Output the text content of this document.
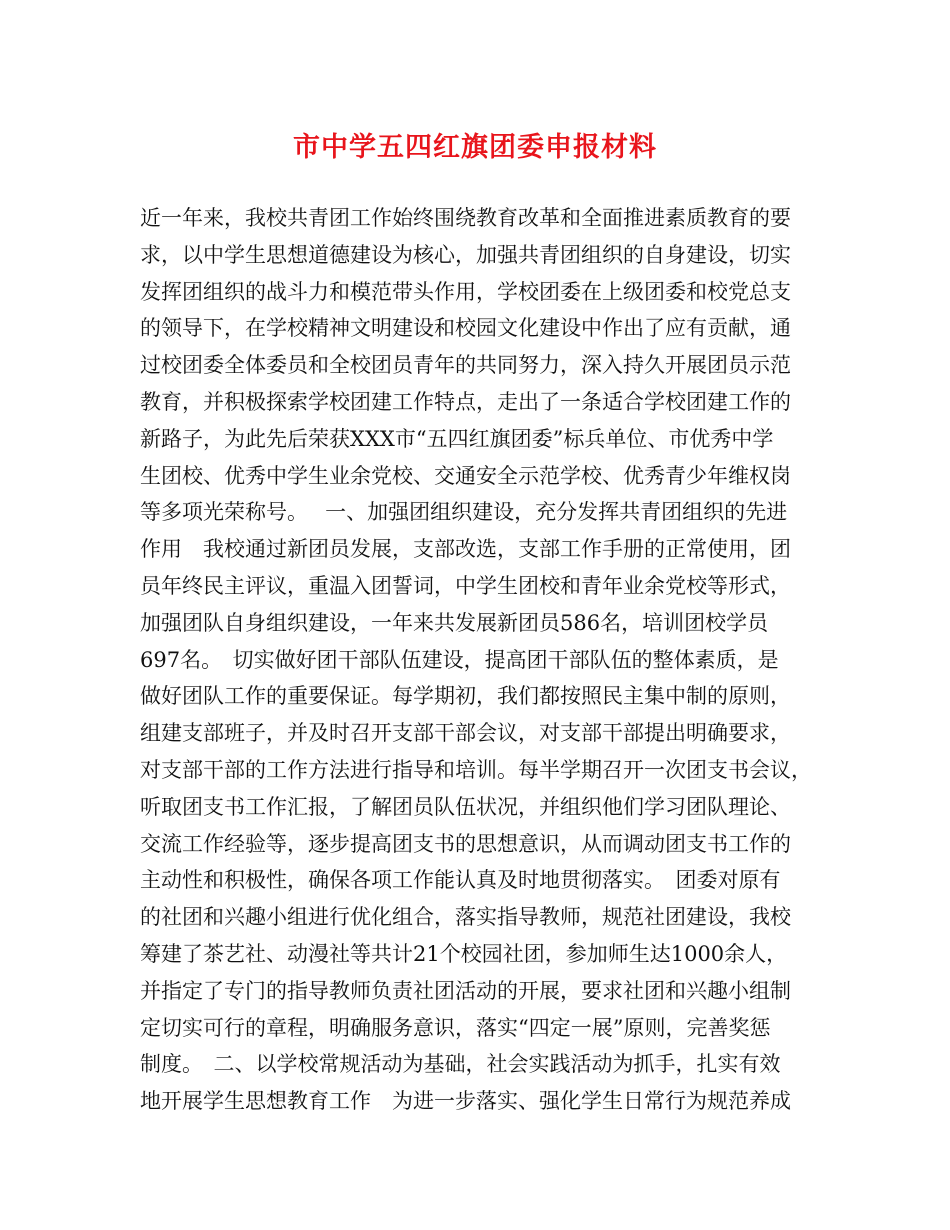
市中学五四红旗团委申报材料
近一年来，我校共青团工作始终围绕教育改革和全面推进素质教育的要
求，以中学生思想道德建设为核心，加强共青团组织的自身建设，切实
发挥团组织的战斗力和模范带头作用，学校团委在上级团委和校党总支
的领导下，在学校精神文明建设和校园文化建设中作出了应有贡献，通
过校团委全体委员和全校团员青年的共同努力，深入持久开展团员示范
教育，并积极探索学校团建工作特点，走出了一条适合学校团建工作的
新路子，为此先后荣获XXX市“五四红旗团委”标兵单位、市优秀中学
生团校、优秀中学生业余党校、交通安全示范学校、优秀青少年维权岗
等多项光荣称号。　 一、加强团组织建设，充分发挥共青团组织的先进
作用　我校通过新团员发展，支部改选，支部工作手册的正常使用，团
员年终民主评议，重温入团誓词，中学生团校和青年业余党校等形式，
加强团队自身组织建设，一年来共发展新团员586名，培训团校学员
697名。　切实做好团干部队伍建设，提高团干部队伍的整体素质，是
做好团队工作的重要保证。每学期初，我们都按照民主集中制的原则，
组建支部班子，并及时召开支部干部会议，对支部干部提出明确要求，
对支部干部的工作方法进行指导和培训。每半学期召开一次团支书会议，
听取团支书工作汇报，了解团员队伍状况，并组织他们学习团队理论、
交流工作经验等，逐步提高团支书的思想意识，从而调动团支书工作的
主动性和积极性，确保各项工作能认真及时地贯彻落实。　团委对原有
的社团和兴趣小组进行优化组合，落实指导教师，规范社团建设，我校
筹建了茶艺社、动漫社等共计21个校园社团，参加师生达1000余人，
并指定了专门的指导教师负责社团活动的开展，要求社团和兴趣小组制
定切实可行的章程，明确服务意识，落实“四定一展”原则，完善奖惩
制度。　二、以学校常规活动为基础，社会实践活动为抓手，扎实有效
地开展学生思想教育工作　为进一步落实、强化学生日常行为规范养成
